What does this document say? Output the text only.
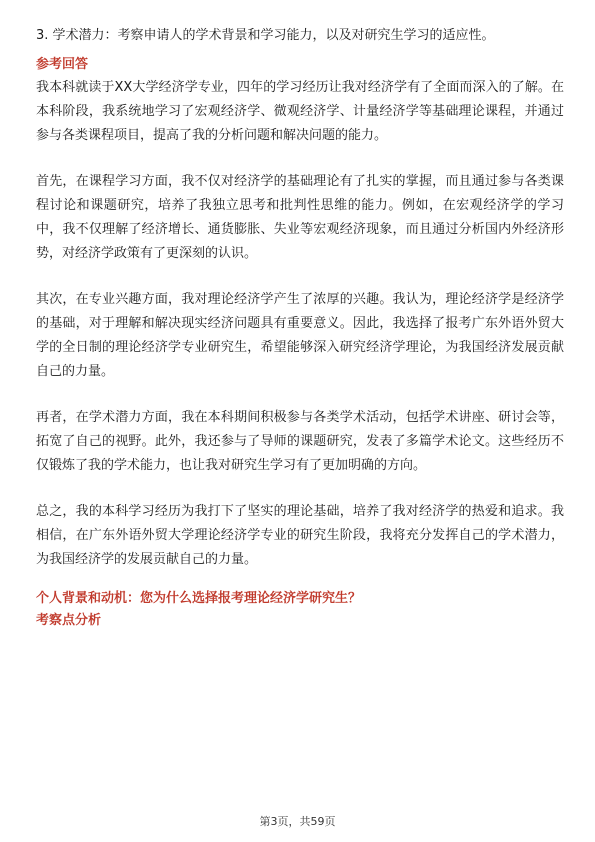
3. 学术潜力：考察申请人的学术背景和学习能力，以及对研究生学习的适应性。

参考回答

我本科就读于XX大学经济学专业，四年的学习经历让我对经济学有了全面而深入的了解。在本科阶段，我系统地学习了宏观经济学、微观经济学、计量经济学等基础理论课程，并通过参与各类课程项目，提高了我的分析问题和解决问题的能力。

首先，在课程学习方面，我不仅对经济学的基础理论有了扎实的掌握，而且通过参与各类课程讨论和课题研究，培养了我独立思考和批判性思维的能力。例如，在宏观经济学的学习中，我不仅理解了经济增长、通货膨胀、失业等宏观经济现象，而且通过分析国内外经济形势，对经济学政策有了更深刻的认识。

其次，在专业兴趣方面，我对理论经济学产生了浓厚的兴趣。我认为，理论经济学是经济学的基础，对于理解和解决现实经济问题具有重要意义。因此，我选择了报考广东外语外贸大学的全日制的理论经济学专业研究生，希望能够深入研究经济学理论，为我国经济发展贡献自己的力量。

再者，在学术潜力方面，我在本科期间积极参与各类学术活动，包括学术讲座、研讨会等，拓宽了自己的视野。此外，我还参与了导师的课题研究，发表了多篇学术论文。这些经历不仅锻炼了我的学术能力，也让我对研究生学习有了更加明确的方向。

总之，我的本科学习经历为我打下了坚实的理论基础，培养了我对经济学的热爱和追求。我相信，在广东外语外贸大学理论经济学专业的研究生阶段，我将充分发挥自己的学术潜力，为我国经济学的发展贡献自己的力量。

个人背景和动机：您为什么选择报考理论经济学研究生？
考察点分析
第3页，共59页
